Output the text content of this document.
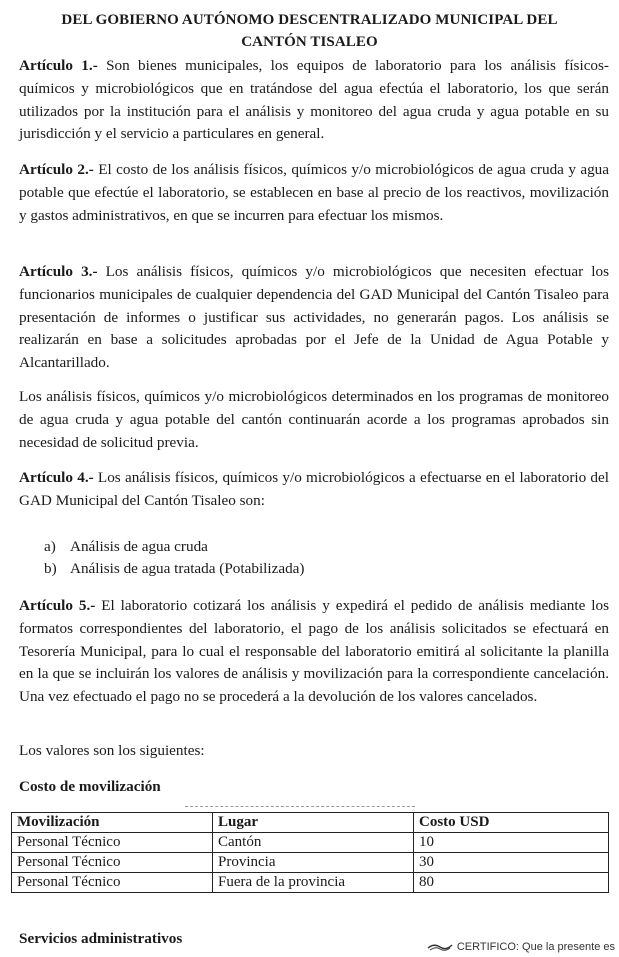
DEL GOBIERNO AUTÓNOMO DESCENTRALIZADO MUNICIPAL DEL
CANTÓN TISALEO

Artículo 1.- Son bienes municipales, los equipos de laboratorio para los análisis físicos-químicos y microbiológicos que en tratándose del agua efectúa el laboratorio, los que serán utilizados por la institución para el análisis y monitoreo del agua cruda y agua potable en su jurisdicción y el servicio a particulares en general.

Artículo 2.- El costo de los análisis físicos, químicos y/o microbiológicos de agua cruda y agua potable que efectúe el laboratorio, se establecen en base al precio de los reactivos, movilización y gastos administrativos, en que se incurren para efectuar los mismos.

Artículo 3.- Los análisis físicos, químicos y/o microbiológicos que necesiten efectuar los funcionarios municipales de cualquier dependencia del GAD Municipal del Cantón Tisaleo para presentación de informes o justificar sus actividades, no generarán pagos. Los análisis se realizarán en base a solicitudes aprobadas por el Jefe de la Unidad de Agua Potable y Alcantarillado.

Los análisis físicos, químicos y/o microbiológicos determinados en los programas de monitoreo de agua cruda y agua potable del cantón continuarán acorde a los programas aprobados sin necesidad de solicitud previa.

Artículo 4.- Los análisis físicos, químicos y/o microbiológicos a efectuarse en el laboratorio del GAD Municipal del Cantón Tisaleo son:

a) Análisis de agua cruda
b) Análisis de agua tratada (Potabilizada)

Artículo 5.- El laboratorio cotizará los análisis y expedirá el pedido de análisis mediante los formatos correspondientes del laboratorio, el pago de los análisis solicitados se efectuará en Tesorería Municipal, para lo cual el responsable del laboratorio emitirá al solicitante la planilla en la que se incluirán los valores de análisis y movilización para la correspondiente cancelación. Una vez efectuado el pago no se procederá a la devolución de los valores cancelados.

Los valores son los siguientes:
Costo de movilización
Movilización	Lugar	Costo USD
Personal Técnico	Cantón	10
Personal Técnico	Provincia	30
Personal Técnico	Fuera de la provincia	80
Servicios administrativos	CERTIFICO: Que la presente es
